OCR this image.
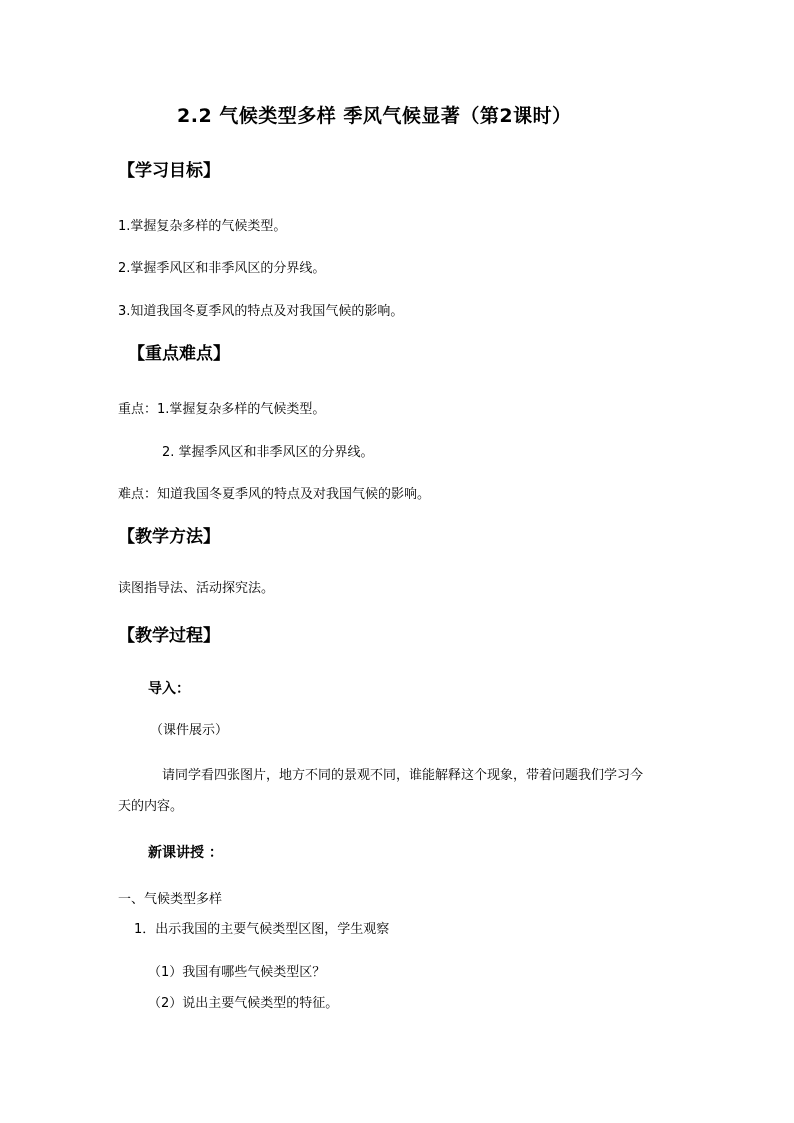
2.2 气候类型多样 季风气候显著（第2课时）
【学习目标】
1.掌握复杂多样的气候类型。
2.掌握季风区和非季风区的分界线。
3.知道我国冬夏季风的特点及对我国气候的影响。
【重点难点】
重点：1.掌握复杂多样的气候类型。
2. 掌握季风区和非季风区的分界线。
难点：知道我国冬夏季风的特点及对我国气候的影响。
【教学方法】
读图指导法、活动探究法。
【教学过程】
导入：
（课件展示）
请同学看四张图片，地方不同的景观不同，谁能解释这个现象，带着问题我们学习今
天的内容。
新课讲授 ：
一、气候类型多样
1．出示我国的主要气候类型区图，学生观察
（1）我国有哪些气候类型区？
（2）说出主要气候类型的特征。
